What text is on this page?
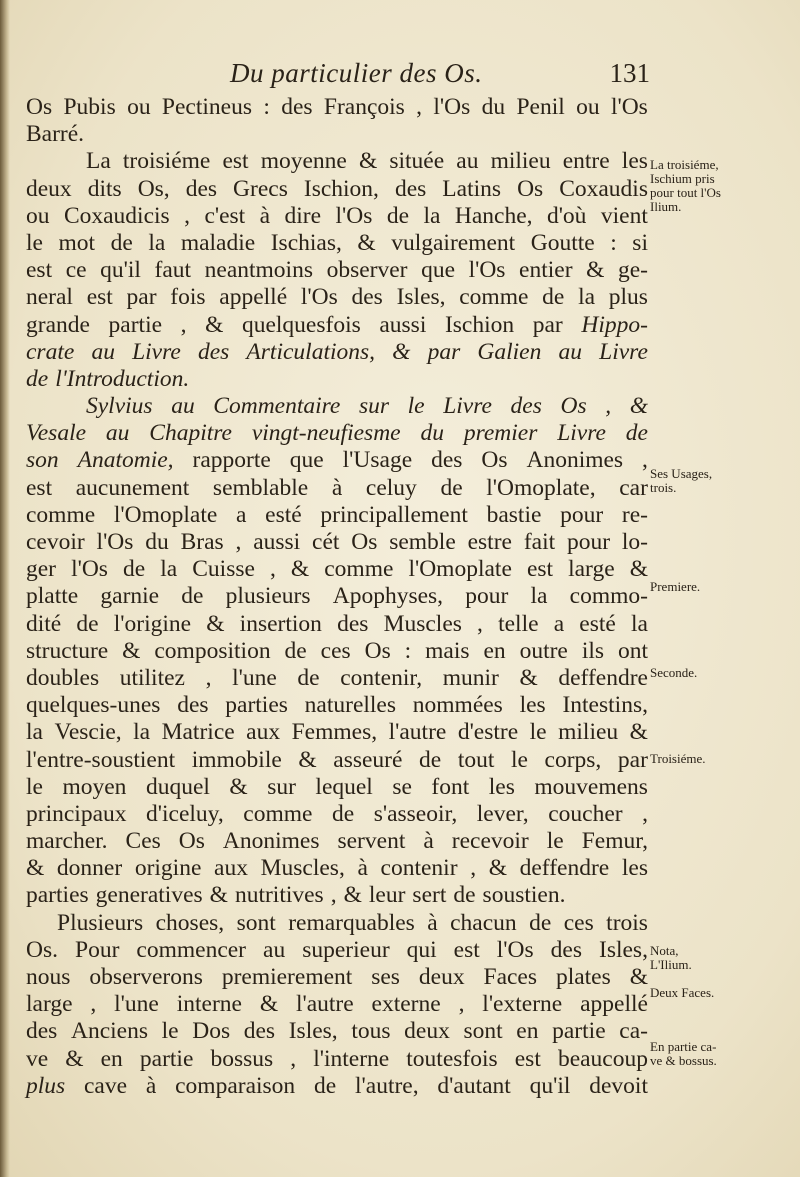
Du particulier des Os.	131
Os Pubis ou Pectineus : des François , l'Os du Penil ou l'Os
Barré.
La troisiéme est moyenne & située au milieu entre les
deux dits Os, des Grecs Ischion, des Latins Os Coxaudis
ou Coxaudicis , c'est à dire l'Os de la Hanche, d'où vient
le mot de la maladie Ischias, & vulgairement Goutte : si
est ce qu'il faut neantmoins observer que l'Os entier & ge-
neral est par fois appellé l'Os des Isles, comme de la plus
grande partie , & quelquesfois aussi Ischion par Hippo-
crate au Livre des Articulations, & par Galien au Livre
de l'Introduction.
Sylvius au Commentaire sur le Livre des Os , &
Vesale au Chapitre vingt-neufiesme du premier Livre de
son Anatomie, rapporte que l'Usage des Os Anonimes ,
est aucunement semblable à celuy de l'Omoplate, car
comme l'Omoplate a esté principallement bastie pour re-
cevoir l'Os du Bras , aussi cét Os semble estre fait pour lo-
ger l'Os de la Cuisse , & comme l'Omoplate est large &
platte garnie de plusieurs Apophyses, pour la commo-
dité de l'origine & insertion des Muscles , telle a esté la
structure & composition de ces Os : mais en outre ils ont
doubles utilitez , l'une de contenir, munir & deffendre
quelques-unes des parties naturelles nommées les Intestins,
la Vescie, la Matrice aux Femmes, l'autre d'estre le milieu &
l'entre-soustient immobile & asseuré de tout le corps, par
le moyen duquel & sur lequel se font les mouvemens
principaux d'iceluy, comme de s'asseoir, lever, coucher ,
marcher. Ces Os Anonimes servent à recevoir le Femur,
& donner origine aux Muscles, à contenir , & deffendre les
parties generatives & nutritives , & leur sert de soustien.
Plusieurs choses, sont remarquables à chacun de ces trois
Os. Pour commencer au superieur qui est l'Os des Isles,
nous observerons premierement ses deux Faces plates &
large , l'une interne & l'autre externe , l'externe appellé
des Anciens le Dos des Isles, tous deux sont en partie ca-
ve & en partie bossus , l'interne toutesfois est beaucoup
plus cave à comparaison de l'autre, d'autant qu'il devoit
La troisiéme,
Ischium pris
pour tout l'Os
Ilium.
Ses Usages,
trois.
Premiere.
Seconde.
Troisiéme.
Nota,
L'Ilium.
Deux Faces.
En partie ca-
ve & bossus.
